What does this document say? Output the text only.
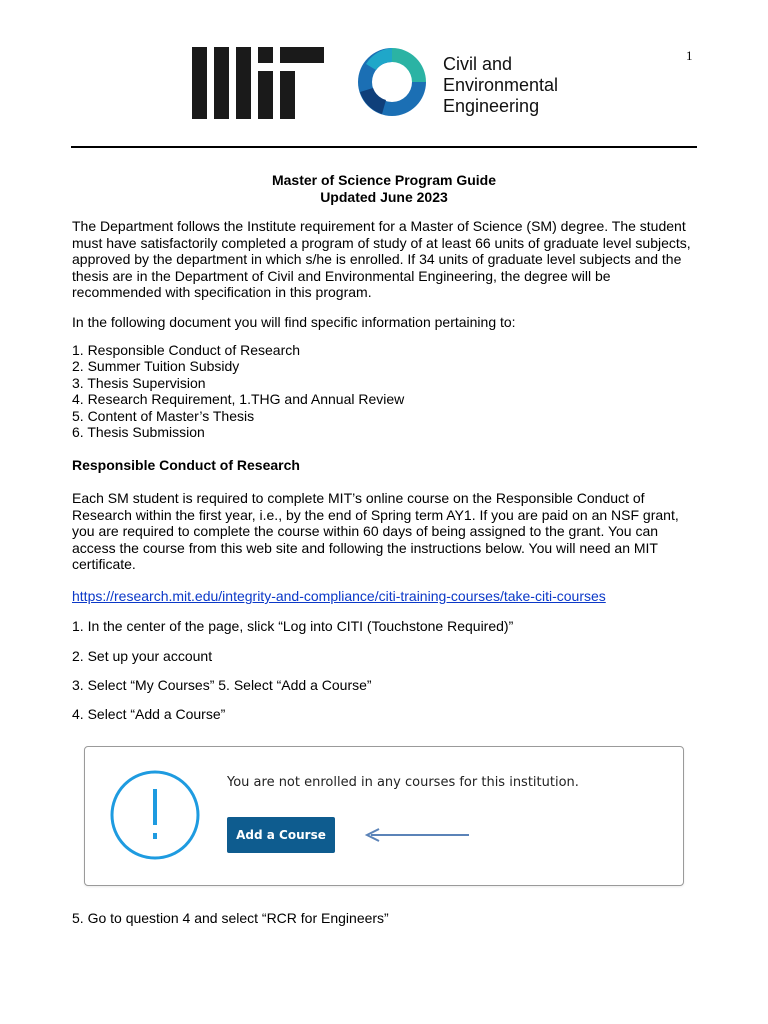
1
Civil and
Environmental
Engineering
Master of Science Program Guide
Updated June 2023
The Department follows the Institute requirement for a Master of Science (SM) degree. The student must have satisfactorily completed a program of study of at least 66 units of graduate level subjects, approved by the department in which s/he is enrolled. If 34 units of graduate level subjects and the thesis are in the Department of Civil and Environmental Engineering, the degree will be recommended with specification in this program.
In the following document you will find specific information pertaining to:
1. Responsible Conduct of Research
2. Summer Tuition Subsidy
3. Thesis Supervision
4. Research Requirement, 1.THG and Annual Review
5. Content of Master’s Thesis
6. Thesis Submission
Responsible Conduct of Research
Each SM student is required to complete MIT’s online course on the Responsible Conduct of Research within the first year, i.e., by the end of Spring term AY1. If you are paid on an NSF grant, you are required to complete the course within 60 days of being assigned to the grant. You can access the course from this web site and following the instructions below. You will need an MIT certificate.
https://research.mit.edu/integrity-and-compliance/citi-training-courses/take-citi-courses
1. In the center of the page, slick “Log into CITI (Touchstone Required)”
2. Set up your account
3. Select “My Courses” 5. Select “Add a Course”
4. Select “Add a Course”
You are not enrolled in any courses for this institution.
Add a Course
5. Go to question 4 and select “RCR for Engineers”
